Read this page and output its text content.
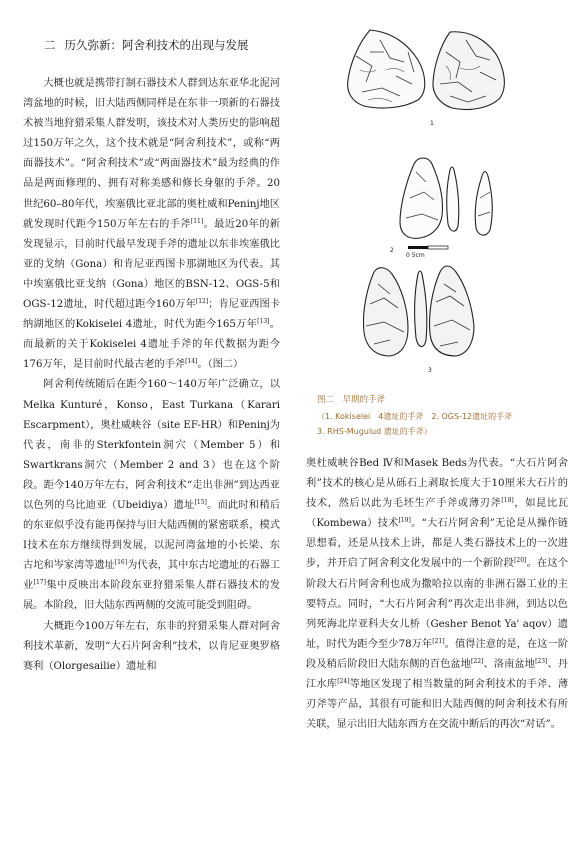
二 历久弥新：阿舍利技术的出现与发展

大概也就是携带打制石器技术人群到达东亚华北泥河湾盆地的时候，旧大陆西侧同样是在东非一项新的石器技术被当地狩猎采集人群发明，该技术对人类历史的影响超过150万年之久，这个技术就是“阿舍利技术”，或称“两面器技术”。“阿舍利技术”或“两面器技术”最为经典的作品是两面修理的、拥有对称美感和修长身躯的手斧。20世纪60–80年代，埃塞俄比亚北部的奥杜威和Peninj地区就发现时代距今150万年左右的手斧[11]。最近20年的新发现显示，目前时代最早发现手斧的遗址以东非埃塞俄比亚的戈纳（Gona）和肯尼亚西图卡那湖地区为代表。其中埃塞俄比亚戈纳（Gona）地区的BSN-12、OGS-5和OGS-12遗址，时代超过距今160万年[12]；肯尼亚西图卡纳湖地区的Kokiselei 4遗址，时代为距今165万年[13]。而最新的关于Kokiselei 4遗址手斧的年代数据为距今176万年，是目前时代最古老的手斧[14]。（图二）

阿舍利传统随后在距今160～140万年广泛确立，以Melka Kunturé，Konso，East Turkana（Karari Escarpment），奥杜威峡谷（site EF-HR）和Peninj为代表，南非的Sterkfontein洞穴（Member 5）和Swartkrans洞穴（Member 2 and 3）也在这个阶段。距今140万年左右，阿舍利技术“走出非洲”到达西亚以色列的乌比迪亚（Ubeidiya）遗址[15]。而此时和稍后的东亚似乎没有能再保持与旧大陆西侧的紧密联系，模式Ⅰ技术在东方继续得到发展，以泥河湾盆地的小长梁、东古坨和岑家湾等遗址[16]为代表，其中东古坨遗址的石器工业[17]集中反映出本阶段东亚狩猎采集人群石器技术的发展。本阶段，旧大陆东西两侧的交流可能受到阻碍。

大概距今100万年左右，东非的狩猎采集人群对阿舍利技术革新，发明“大石片阿舍利”技术，以肯尼亚奥罗格赛利（Olorgesailie）遗址和

1
2
0 5cm
3
图二　早期的手斧
（1. Kokiselei　4遗址的手斧　2. OGS-12遗址的手斧
3. RHS-Mugulud 遗址的手斧）

奥杜威峡谷Bed Ⅳ和Masek Beds为代表。“大石片阿舍利”技术的核心是从砾石上剥取长度大于10厘米大石片的技术，然后以此为毛坯生产手斧或薄刃斧[18]，如昆比瓦（Kombewa）技术[19]。“大石片阿舍利”无论是从操作链思想看，还是从技术上讲，都是人类石器技术上的一次进步，并开启了阿舍利文化发展中的一个新阶段[20]。在这个阶段大石片阿舍利也成为撒哈拉以南的非洲石器工业的主要特点。同时，“大石片阿舍利”再次走出非洲，到达以色列死海北岸亚科夫女儿桥（Gesher Benot Ya' aqov）遗址，时代为距今至少78万年[21]。值得注意的是，在这一阶段及稍后阶段旧大陆东侧的百色盆地[22]、洛南盆地[23]、丹江水库[24]等地区发现了相当数量的阿舍利技术的手斧、薄刃斧等产品，其很有可能和旧大陆西侧的阿舍利技术有所关联，显示出旧大陆东西方在交流中断后的再次“对话”。
